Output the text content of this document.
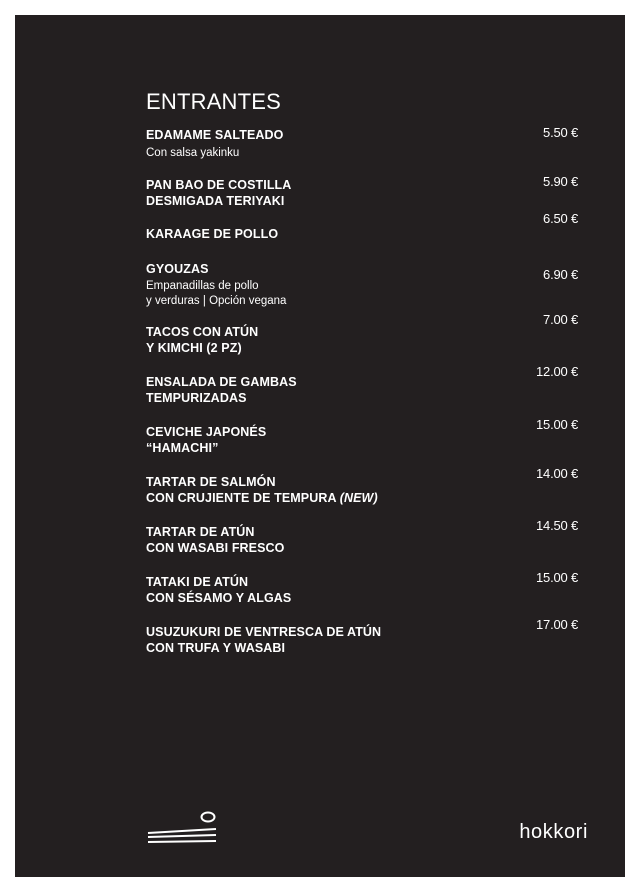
ENTRANTES
EDAMAME SALTEADO
Con salsa yakinku
5.50 €
PAN BAO DE COSTILLA
DESMIGADA TERIYAKI
5.90 €
KARAAGE DE POLLO
6.50 €
GYOUZAS
Empanadillas de pollo
y verduras | Opción vegana
6.90 €
TACOS CON ATÚN
Y KIMCHI (2 PZ)
7.00 €
ENSALADA DE GAMBAS
TEMPURIZADAS
12.00 €
CEVICHE JAPONÉS
“HAMACHI”
15.00 €
TARTAR DE SALMÓN
CON CRUJIENTE DE TEMPURA (NEW)
14.00 €
TARTAR DE ATÚN
CON WASABI FRESCO
14.50 €
TATAKI DE ATÚN
CON SÉSAMO Y ALGAS
15.00 €
USUZUKURI DE VENTRESCA DE ATÚN
CON TRUFA Y WASABI
17.00 €
hokkori
